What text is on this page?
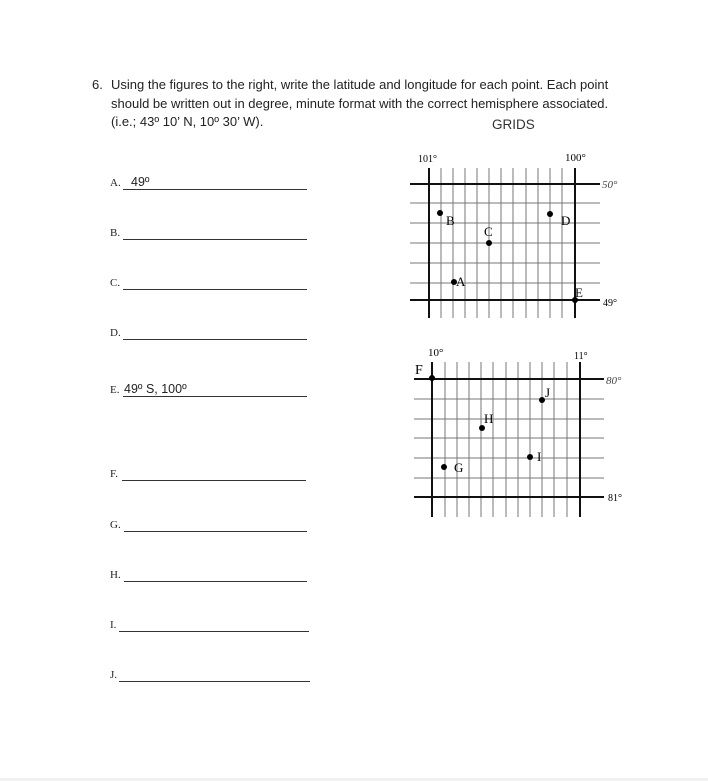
6. Using the figures to the right, write the latitude and longitude for each point. Each point
should be written out in degree, minute format with the correct hemisphere associated.
(i.e.; 43º 10’ N, 10º 30’ W).	GRIDS
A. 49º
B.
C.
D.
E. 49º S, 100º
F.
G.
H.
I.
J.
101°	100°
50°
49°
B
C
D
A
E
10°	11°
80°
81°
F
J
H
I
G
